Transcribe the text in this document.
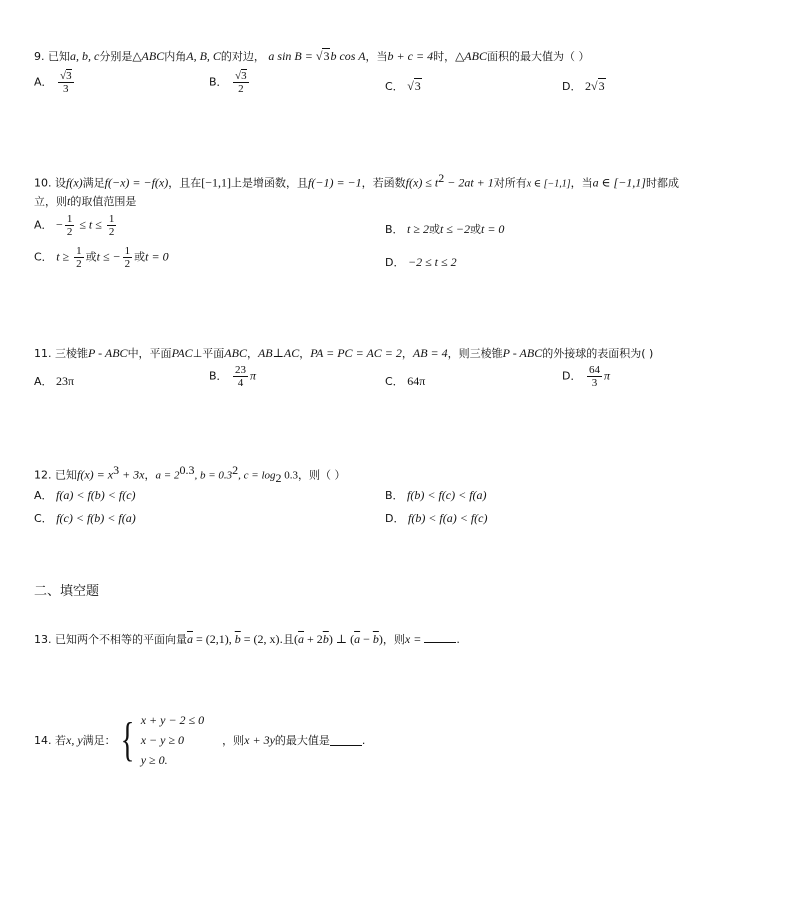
9. 已知a, b, c分别是△ABC内角A, B, C的对边， a sin B = √3b cos A，当b + c = 4时，△ABC面积的最大值为（ ）
A． $\frac{√3}{3}$	B． $\frac{√3}{2}$	C． √3	D． 2√3
10. 设f(x)满足f(−x) = −f(x)，且在[−1,1]上是增函数，且f(−1) = −1，若函数$f(x) \le t^2 - 2at + 1$对所有x ∈ [−1,1]，当a ∈ [−1,1]时都成
立，则t的取值范围是
A． − $\frac{1}{2} \le t \le \frac{1}{2}$	B． t ≥ 2或t ≤ −2或t = 0
C． $t \ge \frac{1}{2}$ 或t ≤ − $\frac{1}{2}$ 或t = 0	D． −2 ≤ t ≤ 2
11. 三棱锥P - ABC中，平面PAC⊥平面ABC，AB⊥AC，PA = PC = AC = 2，AB = 4，则三棱锥P - ABC的外接球的表面积为( )
A． 23π	B． $\frac{23}{4}$ π	C． 64π	D． $\frac{64}{3}$ π
12. 已知$f(x) = x^3 + 3x$，$a = 2^{0.3}$, $b = 0.3^2$, $c = \log_2 0.3$，则（ ）
A． f(a) < f(b) < f(c)	B． f(b) < f(c) < f(a)
C． f(c) < f(b) < f(a)	D． f(b) < f(a) < f(c)
二、填空题
13. 已知两个不相等的平面向量$\overline{a} = (2,1)$, $\overline{b} = (2$, x).且$(\overline{a} + 2\overline{b})$ ⊥ $(\overline{a} - \overline{b})$，则x =	.
14. 若 x, y 满足： { x + y − 2 ≤ 0
x − y ≥ 0
y ≥ 0.
，则 x + 3y 的最大值是	.
